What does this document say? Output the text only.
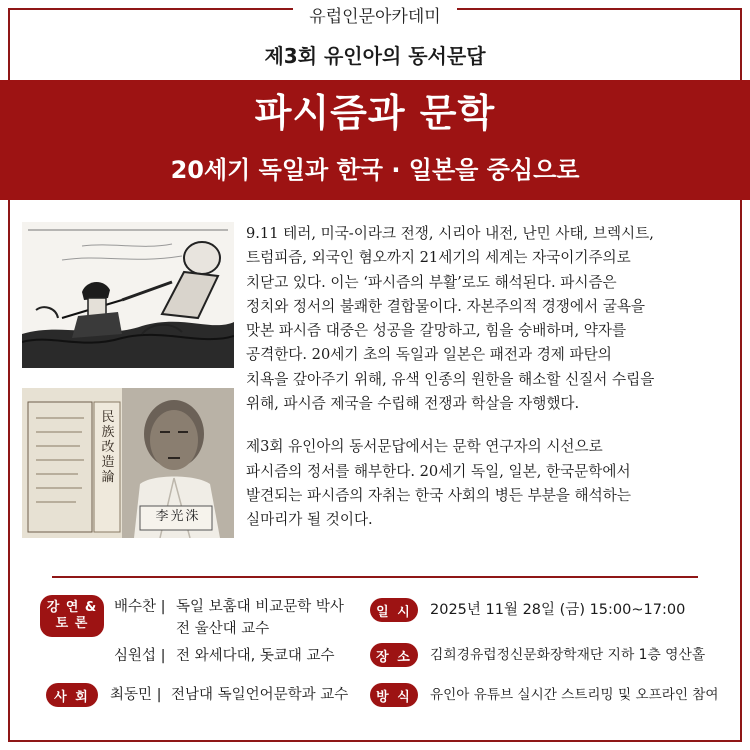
유럽인문아카데미
제3회 유인아의 동서문답
파시즘과 문학
20세기 독일과 한국 · 일본을 중심으로
民族改造論
李光洙

9.11 테러, 미국-이라크 전쟁, 시리아 내전, 난민 사태, 브렉시트,
트럼피즘, 외국인 혐오까지 21세기의 세계는 자국이기주의로
치닫고 있다. 이는 ‘파시즘의 부활’로도 해석된다. 파시즘은
정치와 정서의 불쾌한 결합물이다. 자본주의적 경쟁에서 굴욕을
맛본 파시즘 대중은 성공을 갈망하고, 힘을 숭배하며, 약자를
공격한다. 20세기 초의 독일과 일본은 패전과 경제 파탄의
치욕을 갚아주기 위해, 유색 인종의 원한을 해소할 신질서 수립을
위해, 파시즘 제국을 수립해 전쟁과 학살을 자행했다.

제3회 유인아의 동서문답에서는 문학 연구자의 시선으로
파시즘의 정서를 해부한다. 20세기 독일, 일본, 한국문학에서
발견되는 파시즘의 자취는 한국 사회의 병든 부분을 해석하는
실마리가 될 것이다.

강 연 &
토 론
배수찬 | 독일 보훔대 비교문학 박사
전 울산대 교수
심원섭 | 전 와세다대, 돗쿄대 교수
사 회	최동민 | 전남대 독일언어문학과 교수
일 시	2025년 11월 28일 (금) 15:00~17:00
장 소	김희경유럽정신문화장학재단 지하 1층 영산홀
방 식	유인아 유튜브 실시간 스트리밍 및 오프라인 참여
